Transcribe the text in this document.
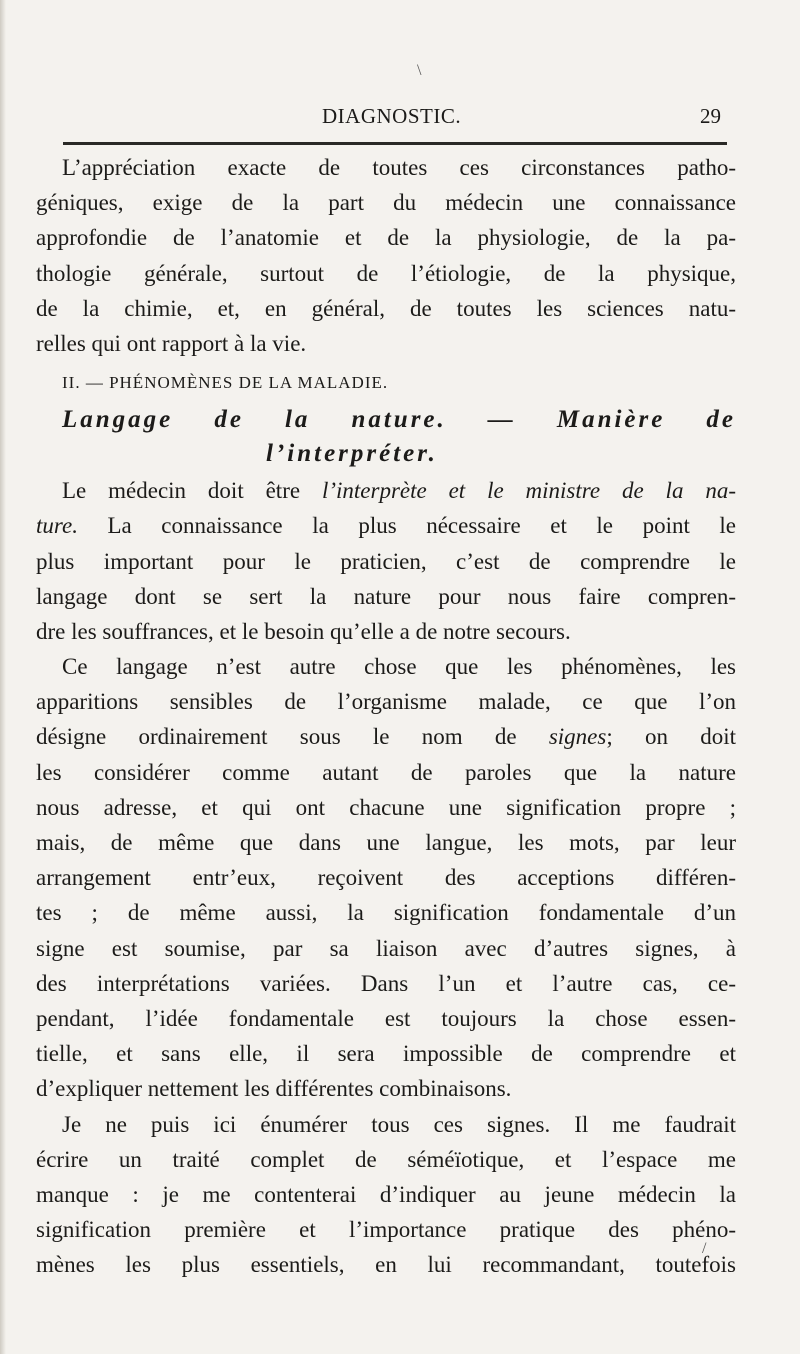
\
DIAGNOSTIC.	29
L’appréciation exacte de toutes ces circonstances patho-
géniques, exige de la part du médecin une connaissance
approfondie de l’anatomie et de la physiologie, de la pa-
thologie générale, surtout de l’étiologie, de la physique,
de la chimie, et, en général, de toutes les sciences natu-
relles qui ont rapport à la vie.
II. — PHÉNOMÈNES DE LA MALADIE.
Langage de la nature. — Manière de
l’interpréter.
Le médecin doit être l’interprète et le ministre de la na-
ture. La connaissance la plus nécessaire et le point le
plus important pour le praticien, c’est de comprendre le
langage dont se sert la nature pour nous faire compren-
dre les souffrances, et le besoin qu’elle a de notre secours.
Ce langage n’est autre chose que les phénomènes, les
apparitions sensibles de l’organisme malade, ce que l’on
désigne ordinairement sous le nom de signes; on doit
les considérer comme autant de paroles que la nature
nous adresse, et qui ont chacune une signification propre ;
mais, de même que dans une langue, les mots, par leur
arrangement entr’eux, reçoivent des acceptions différen-
tes ; de même aussi, la signification fondamentale d’un
signe est soumise, par sa liaison avec d’autres signes, à
des interprétations variées. Dans l’un et l’autre cas, ce-
pendant, l’idée fondamentale est toujours la chose essen-
tielle, et sans elle, il sera impossible de comprendre et
d’expliquer nettement les différentes combinaisons.
Je ne puis ici énumérer tous ces signes. Il me faudrait
écrire un traité complet de séméïotique, et l’espace me
manque : je me contenterai d’indiquer au jeune médecin la
signification première et l’importance pratique des phéno-
mènes les plus essentiels, en lui recommandant, toutefois
/
